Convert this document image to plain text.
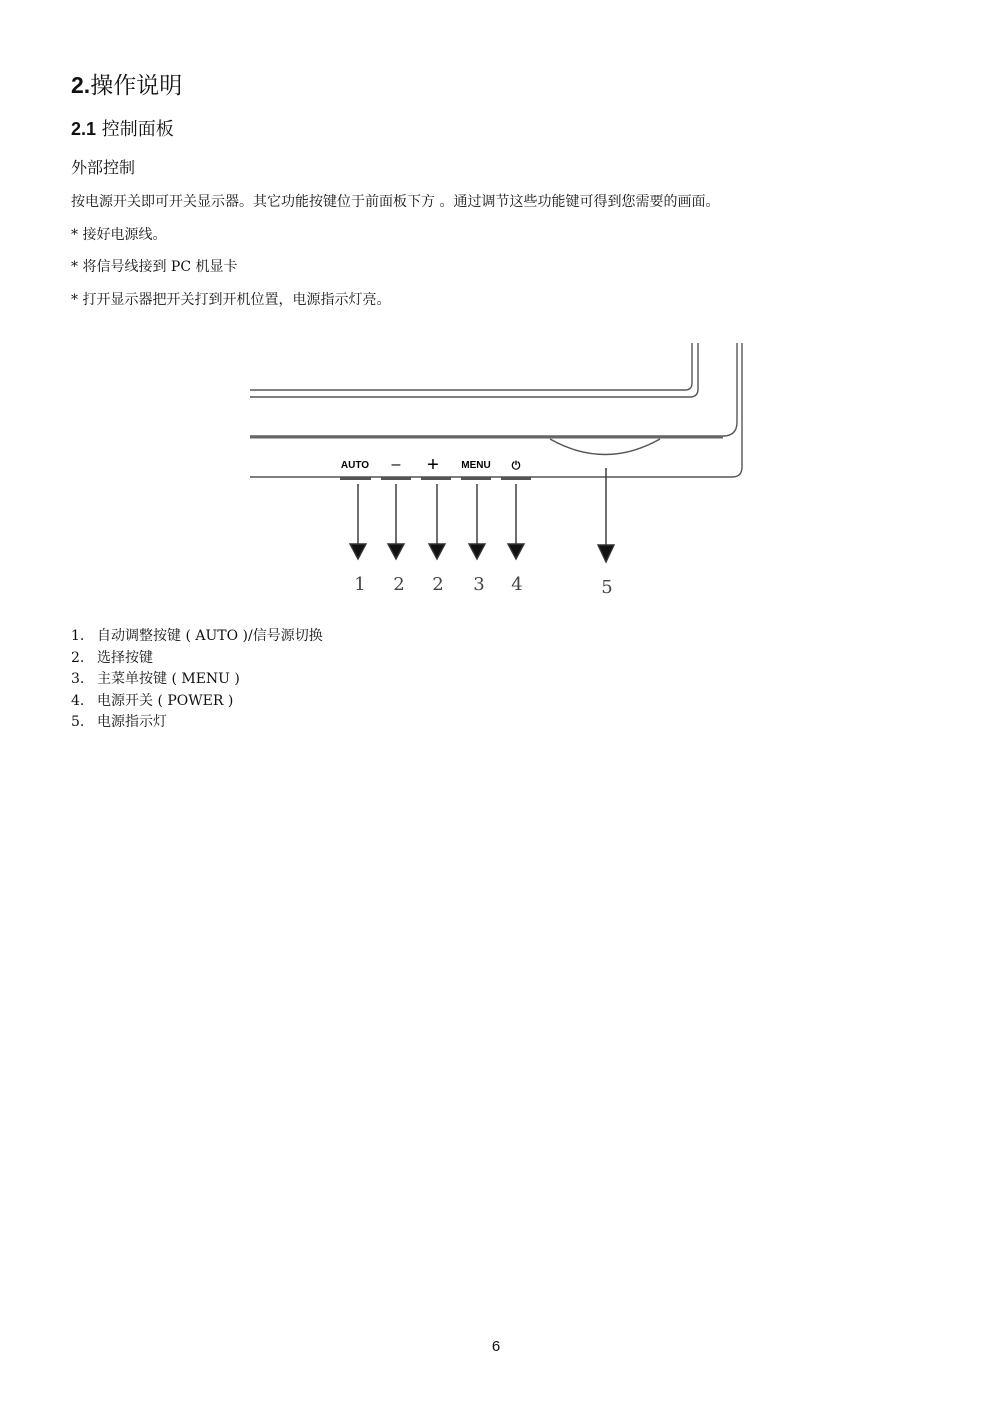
2.操作说明
2.1 控制面板
外部控制
按电源开关即可开关显示器。其它功能按键位于前面板下方 。通过调节这些功能键可得到您需要的画面。
* 接好电源线。
* 将信号线接到 PC 机显卡
* 打开显示器把开关打到开机位置，电源指示灯亮。
AUTO – + MENU ⏻
1 2 2 3 4	5
1. 自动调整按键 ( AUTO )/信号源切换
2. 选择按键
3. 主菜单按键 ( MENU )
4. 电源开关 ( POWER )
5. 电源指示灯
6
